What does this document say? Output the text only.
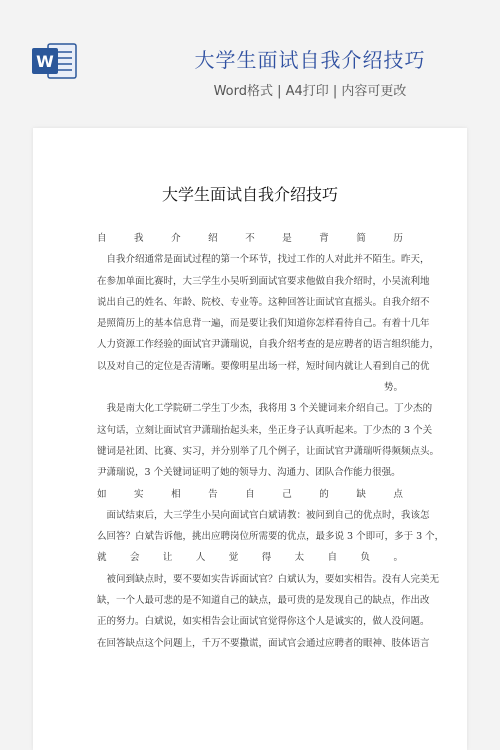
W	大学生面试自我介绍技巧
Word格式 | A4打印 | 内容可更改
大学生面试自我介绍技巧
自	我	介	绍	不	是	背	简	历
自我介绍通常是面试过程的第一个环节，找过工作的人对此并不陌生。昨天，
在参加单面比赛时，大三学生小吴听到面试官要求他做自我介绍时，小吴流利地
说出自己的姓名、年龄、院校、专业等。这种回答让面试官直摇头。自我介绍不
是照简历上的基本信息背一遍，而是要让我们知道你怎样看待自己。有着十几年
人力资源工作经验的面试官尹潇瑞说，自我介绍考查的是应聘者的语言组织能力，
以及对自己的定位是否清晰。要像明星出场一样，短时间内就让人看到自己的优
势。
我是南大化工学院研二学生丁少杰，我将用 3 个关键词来介绍自己。丁少杰的
这句话，立刻让面试官尹潇瑞抬起头来，坐正身子认真听起来。丁少杰的 3 个关
键词是社团、比赛、实习，并分别举了几个例子，让面试官尹潇瑞听得频频点头。
尹潇瑞说，3 个关键词证明了她的领导力、沟通力、团队合作能力很强。
如	实	相	告	自	己	的	缺	点
面试结束后，大三学生小吴向面试官白斌请教：被问到自己的优点时，我该怎
么回答？白斌告诉他，挑出应聘岗位所需要的优点，最多说 3 个即可，多于 3 个，
就 会 让 人 觉 得 太 自 负 。
被问到缺点时，要不要如实告诉面试官？白斌认为，要如实相告。没有人完美无
缺，一个人最可悲的是不知道自己的缺点，最可贵的是发现自己的缺点，作出改
正的努力。白斌说，如实相告会让面试官觉得你这个人是诚实的，做人没问题。
在回答缺点这个问题上，千万不要撒谎，面试官会通过应聘者的眼神、肢体语言
